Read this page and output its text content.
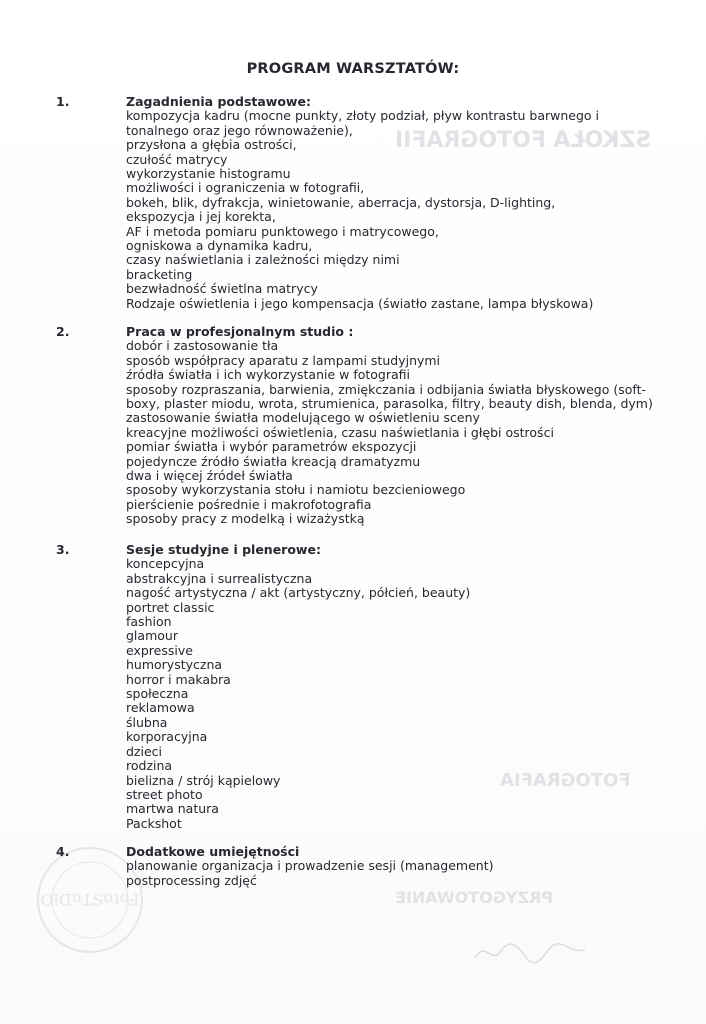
SZKOŁA FOTOGRAFII
FOTOGRAFIA
PRZYGOTOWANIE
FotoSTuDiO
PROGRAM WARSZTATÓW:
1.	Zagadnienia podstawowe:
kompozycja kadru (mocne punkty, złoty podział, pływ kontrastu barwnego i
tonalnego oraz jego równoważenie),
przysłona a głębia ostrości,
czułość matrycy
wykorzystanie histogramu
możliwości i ograniczenia w fotografii,
bokeh, blik, dyfrakcja, winietowanie, aberracja, dystorsja, D-lighting,
ekspozycja i jej korekta,
AF i metoda pomiaru punktowego i matrycowego,
ogniskowa a dynamika kadru,
czasy naświetlania i zależności między nimi
bracketing
bezwładność świetlna matrycy
Rodzaje oświetlenia i jego kompensacja (światło zastane, lampa błyskowa)
2.	Praca w profesjonalnym studio :
dobór i zastosowanie tła
sposób współpracy aparatu z lampami studyjnymi
źródła światła i ich wykorzystanie w fotografii
sposoby rozpraszania, barwienia, zmiękczania i odbijania światła błyskowego (soft-
boxy, plaster miodu, wrota, strumienica, parasolka, filtry, beauty dish, blenda, dym)
zastosowanie światła modelującego w oświetleniu sceny
kreacyjne możliwości oświetlenia, czasu naświetlania i głębi ostrości
pomiar światła i wybór parametrów ekspozycji
pojedyncze źródło światła kreacją dramatyzmu
dwa i więcej źródeł światła
sposoby wykorzystania stołu i namiotu bezcieniowego
pierścienie pośrednie i makrofotografia
sposoby pracy z modelką i wizażystką
3.	Sesje studyjne i plenerowe:
koncepcyjna
abstrakcyjna i surrealistyczna
nagość artystyczna / akt (artystyczny, półcień, beauty)
portret classic
fashion
glamour
expressive
humorystyczna
horror i makabra
społeczna
reklamowa
ślubna
korporacyjna
dzieci
rodzina
bielizna / strój kąpielowy
street photo
martwa natura
Packshot
4.	Dodatkowe umiejętności
planowanie organizacja i prowadzenie sesji (management)
postprocessing zdjęć
